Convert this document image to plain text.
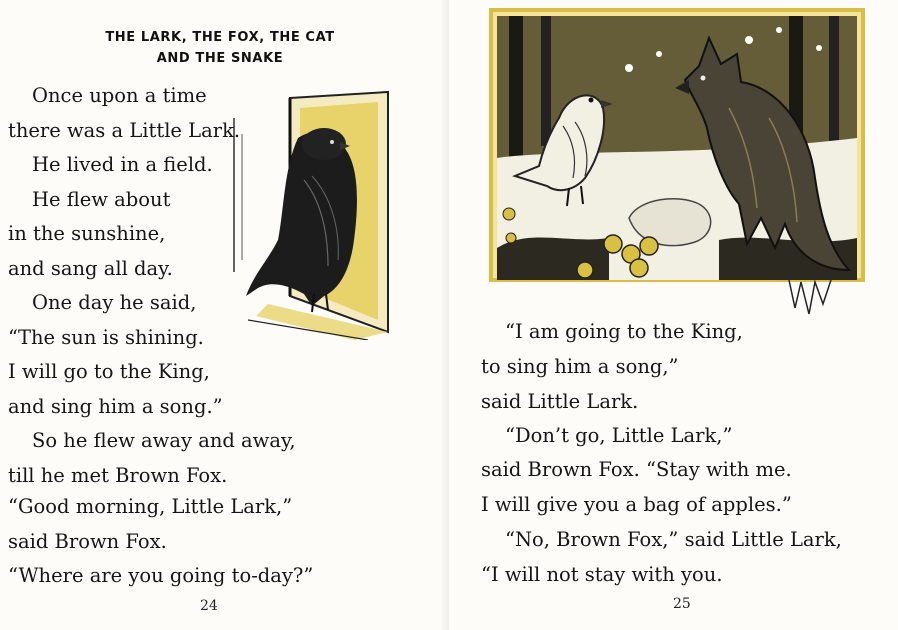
THE LARK, THE FOX, THE CAT
AND THE SNAKE
Once upon a time
there was a Little Lark.
He lived in a field.
He flew about
in the sunshine,
and sang all day.
One day he said,
“The sun is shining.
I will go to the King,
and sing him a song.”
So he flew away and away,
till he met Brown Fox.
“Good morning, Little Lark,”
said Brown Fox.
“Where are you going to-day?”
24
“I am going to the King,
to sing him a song,”
said Little Lark.
“Don’t go, Little Lark,”
said Brown Fox. “Stay with me.
I will give you a bag of apples.”
“No, Brown Fox,” said Little Lark,
“I will not stay with you.
25
